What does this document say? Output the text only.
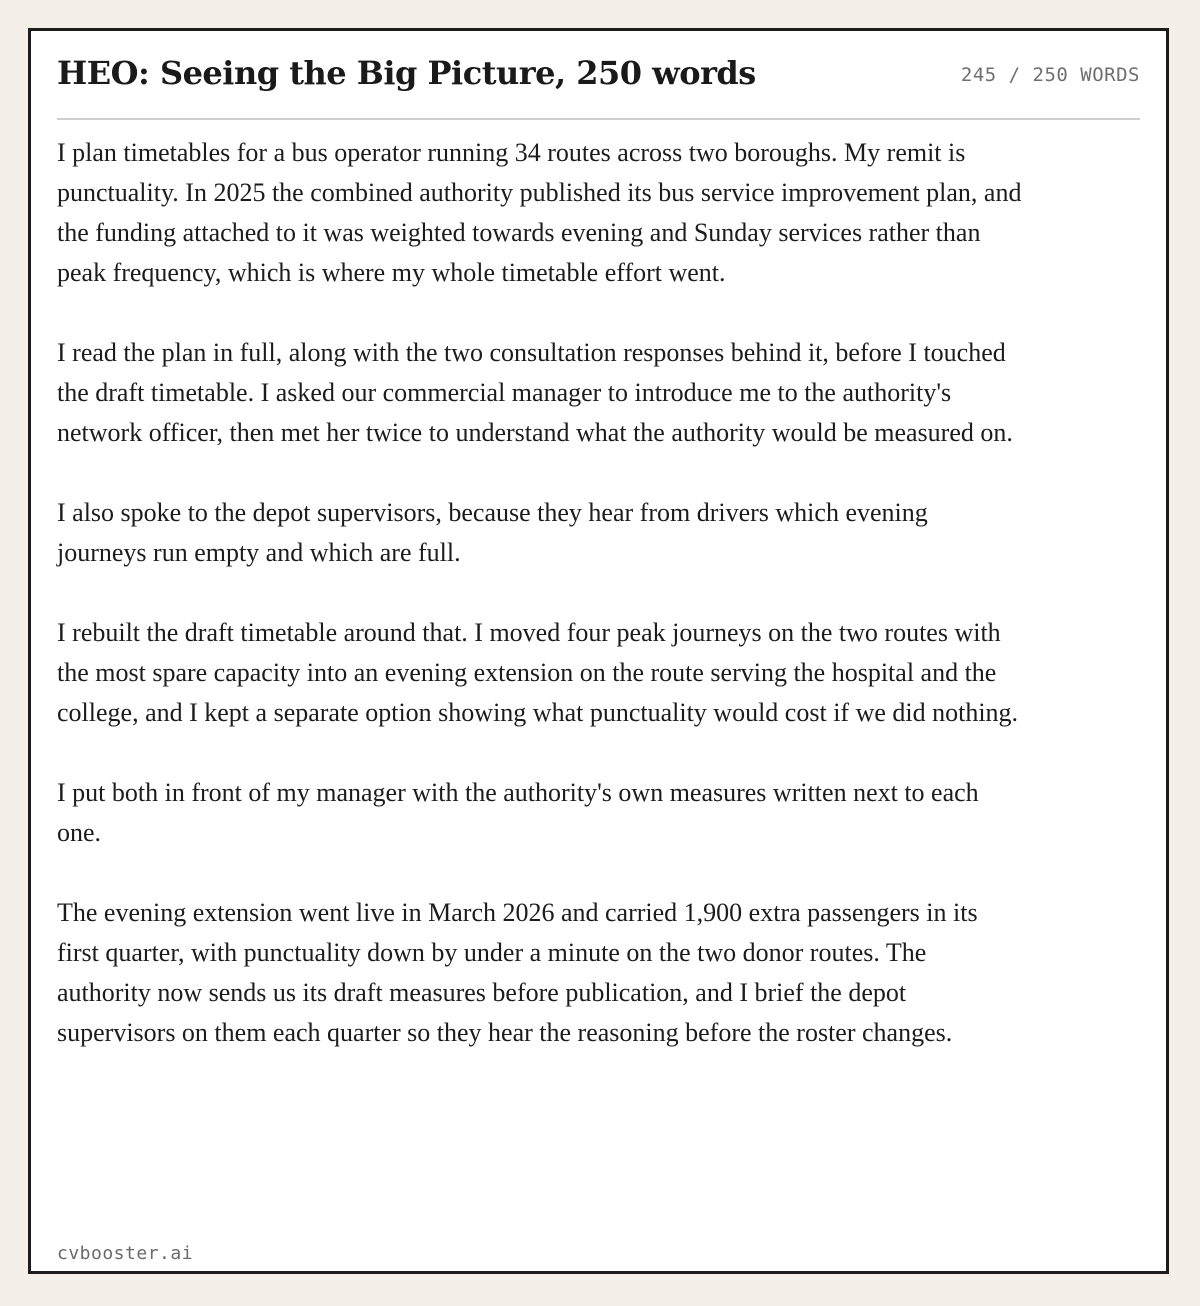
HEO: Seeing the Big Picture, 250 words	245 / 250 WORDS

I plan timetables for a bus operator running 34 routes across two boroughs. My remit is punctuality. In 2025 the combined authority published its bus service improvement plan, and the funding attached to it was weighted towards evening and Sunday services rather than peak frequency, which is where my whole timetable effort went.

I read the plan in full, along with the two consultation responses behind it, before I touched the draft timetable. I asked our commercial manager to introduce me to the authority's network officer, then met her twice to understand what the authority would be measured on.

I also spoke to the depot supervisors, because they hear from drivers which evening journeys run empty and which are full.

I rebuilt the draft timetable around that. I moved four peak journeys on the two routes with the most spare capacity into an evening extension on the route serving the hospital and the college, and I kept a separate option showing what punctuality would cost if we did nothing.

I put both in front of my manager with the authority's own measures written next to each one.

The evening extension went live in March 2026 and carried 1,900 extra passengers in its first quarter, with punctuality down by under a minute on the two donor routes. The authority now sends us its draft measures before publication, and I brief the depot supervisors on them each quarter so they hear the reasoning before the roster changes.

cvbooster.ai
